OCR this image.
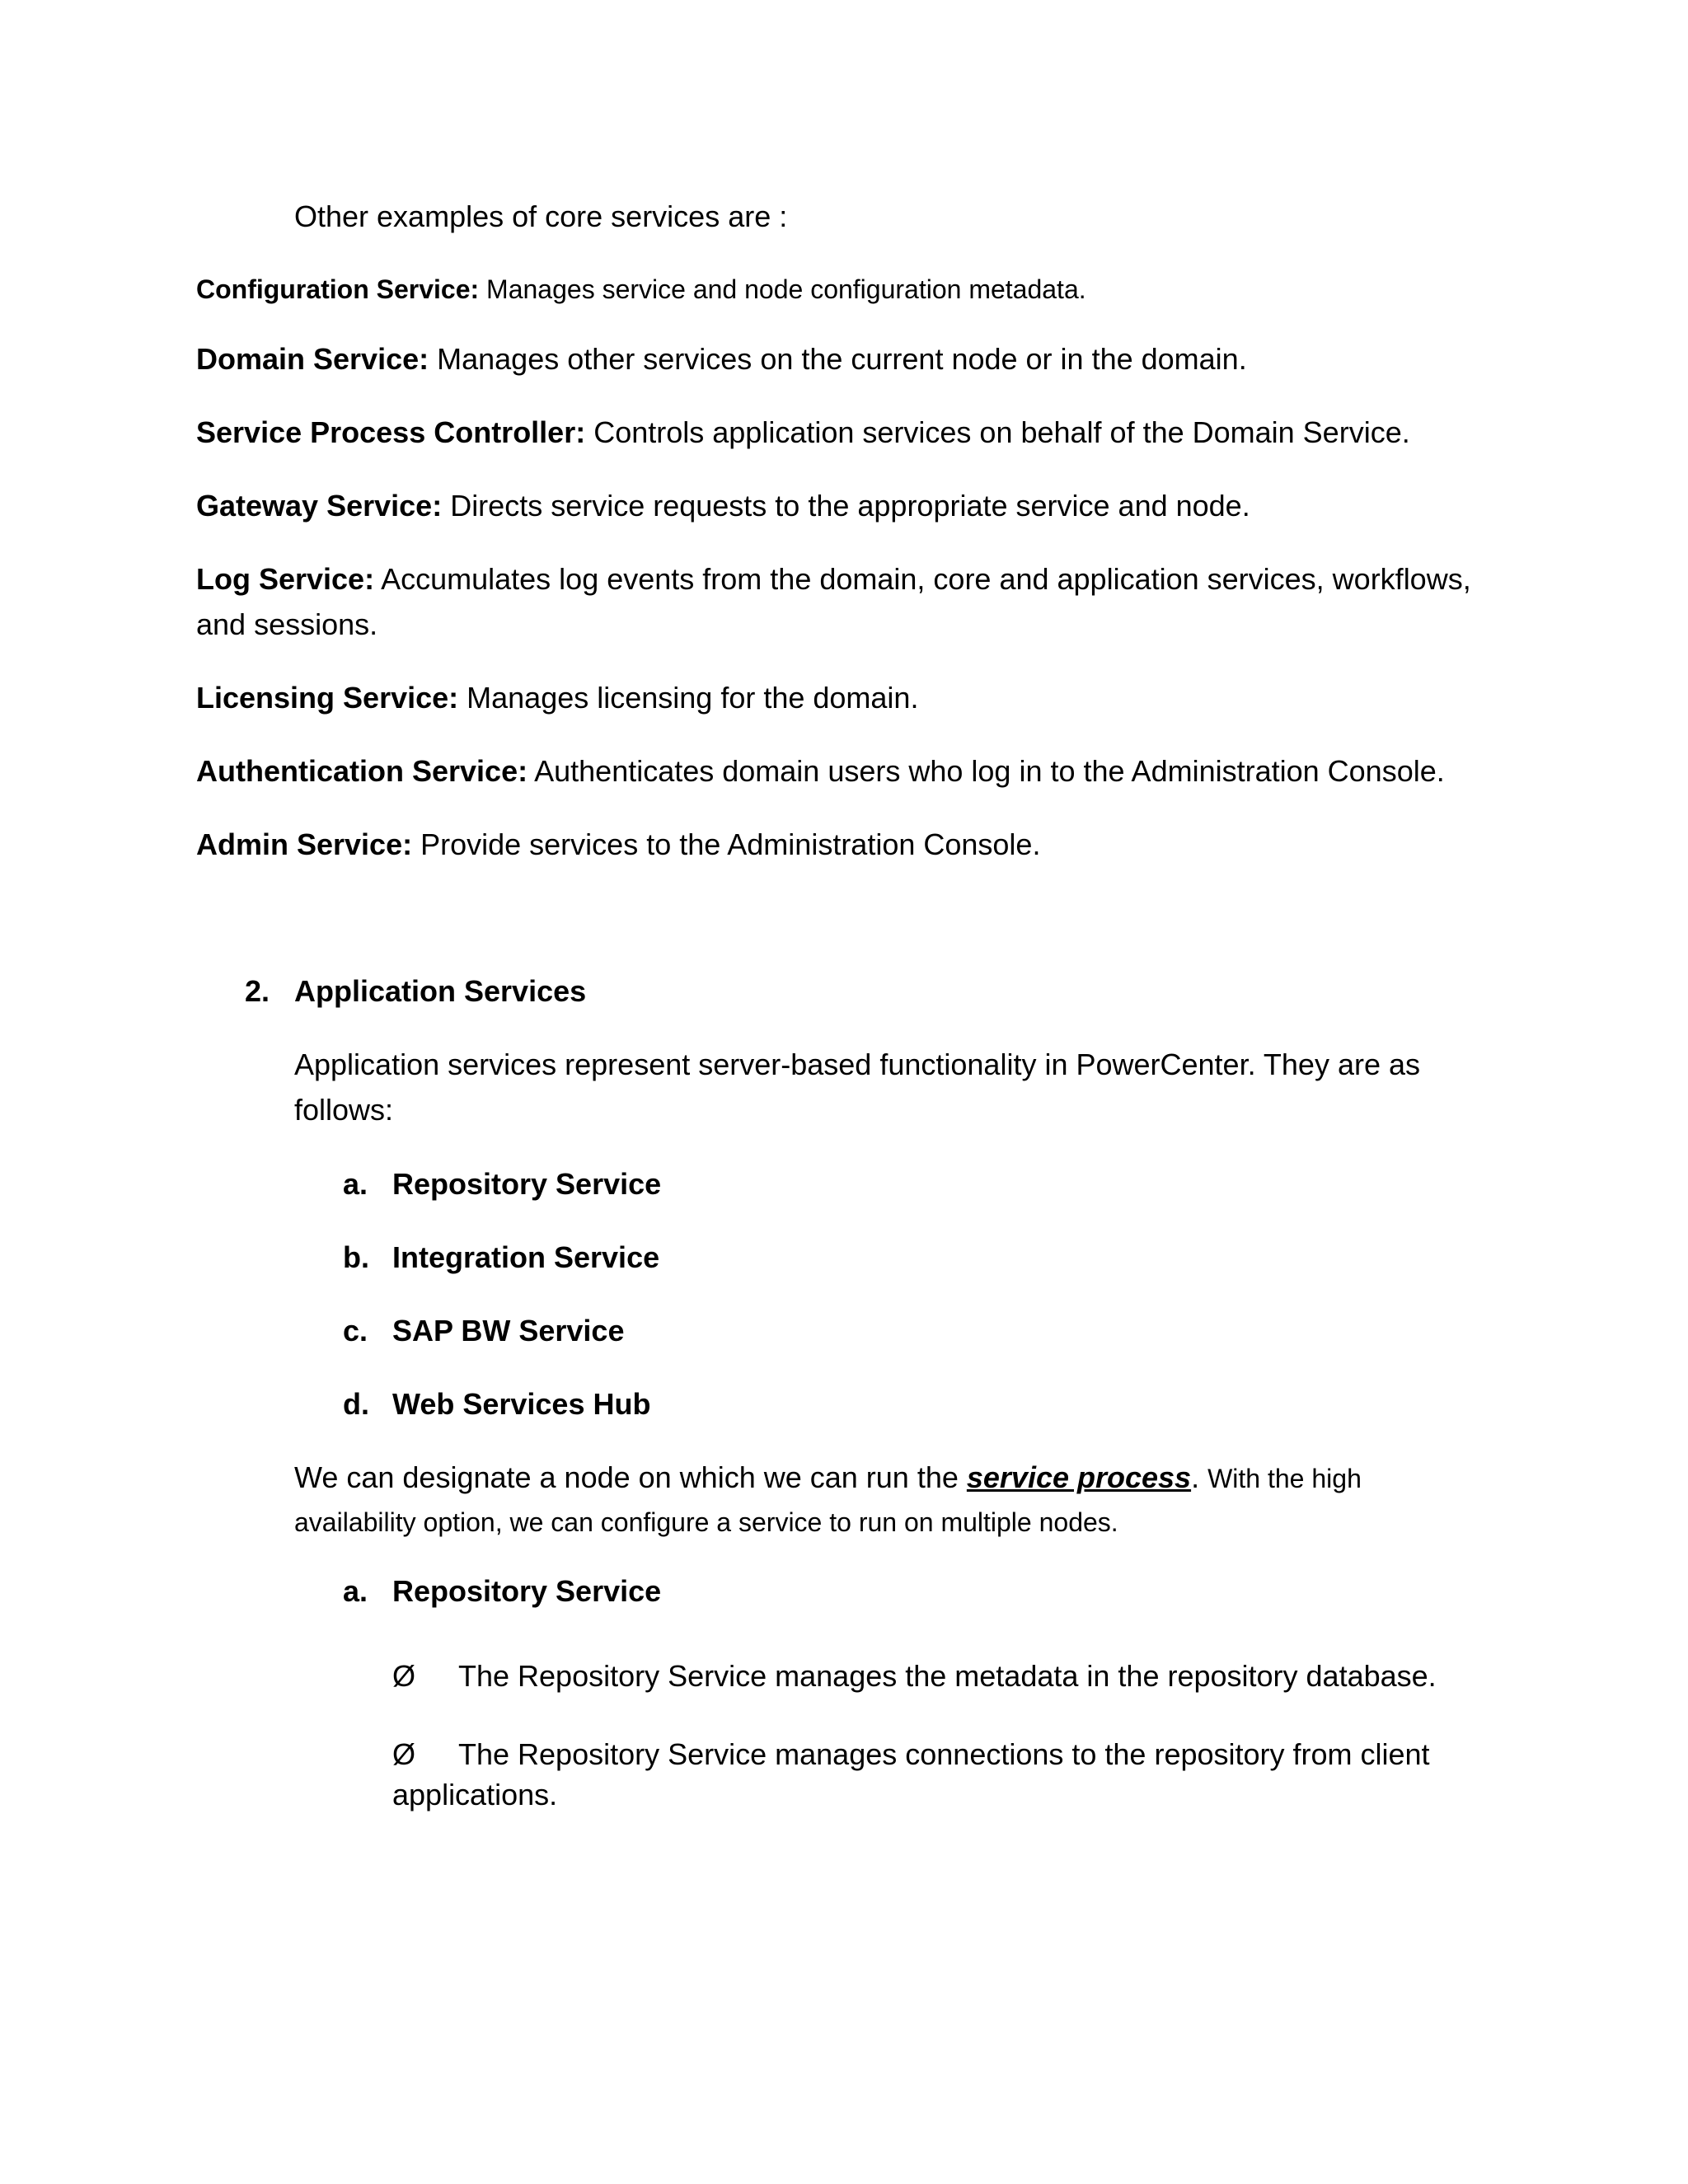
Other examples of core services are :
Configuration Service: Manages service and node configuration metadata.
Domain Service: Manages other services on the current node or in the domain.
Service Process Controller: Controls application services on behalf of the Domain Service.
Gateway Service: Directs service requests to the appropriate service and node.
Log Service: Accumulates log events from the domain, core and application services, workflows,
and sessions.
Licensing Service: Manages licensing for the domain.
Authentication Service: Authenticates domain users who log in to the Administration Console.
Admin Service: Provide services to the Administration Console.
2. Application Services
Application services represent server-based functionality in PowerCenter. They are as
follows:
a. Repository Service
b. Integration Service
c. SAP BW Service
d. Web Services Hub
We can designate a node on which we can run the service process. With the high
availability option, we can configure a service to run on multiple nodes.
a. Repository Service
Ø The Repository Service manages the metadata in the repository database.
Ø The Repository Service manages connections to the repository from client
applications.
